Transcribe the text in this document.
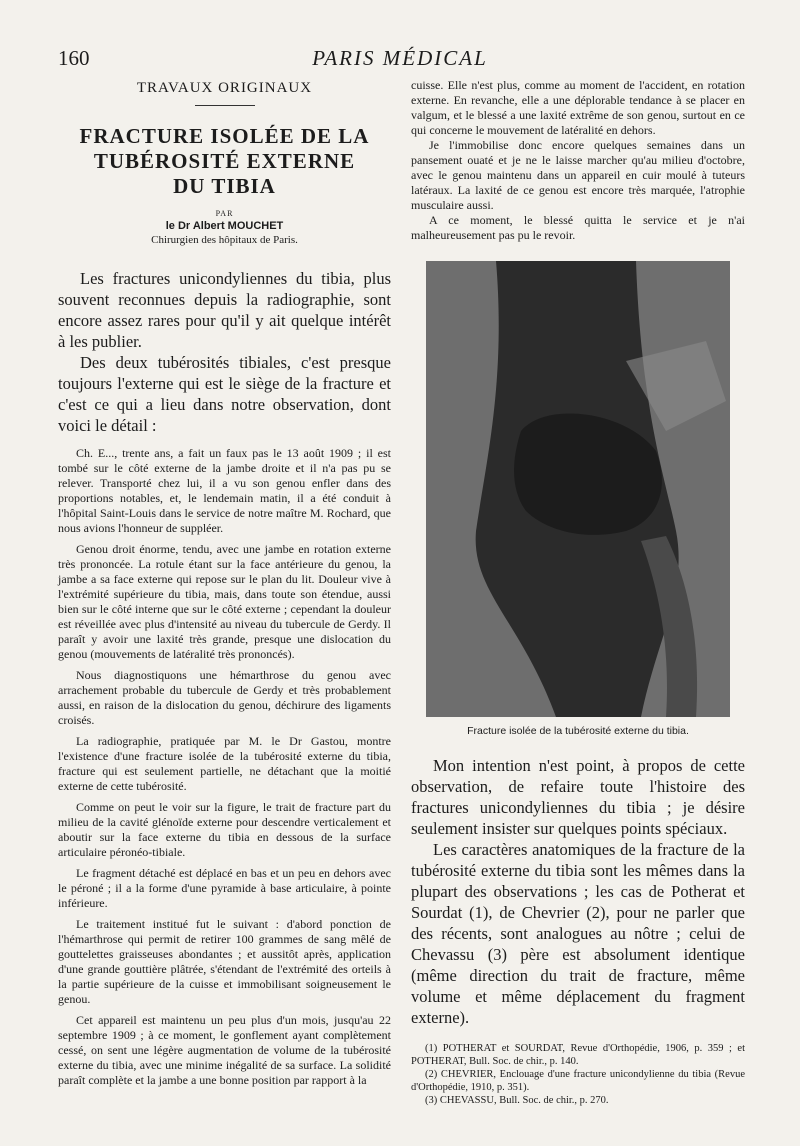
160	PARIS MÉDICAL
TRAVAUX ORIGINAUX
FRACTURE ISOLÉE DE LA
TUBÉROSITÉ EXTERNE
DU TIBIA
PAR
le Dr Albert MOUCHET
Chirurgien des hôpitaux de Paris.

Les fractures unicondyliennes du tibia, plus souvent reconnues depuis la radiographie, sont encore assez rares pour qu'il y ait quelque intérêt à les publier.

Des deux tubérosités tibiales, c'est presque toujours l'externe qui est le siège de la fracture et c'est ce qui a lieu dans notre observation, dont voici le détail :

Ch. E..., trente ans, a fait un faux pas le 13 août 1909 ; il est tombé sur le côté externe de la jambe droite et il n'a pas pu se relever. Transporté chez lui, il a vu son genou enfler dans des proportions notables, et, le lendemain matin, il a été conduit à l'hôpital Saint-Louis dans le service de notre maître M. Rochard, que nous avions l'honneur de suppléer.

Genou droit énorme, tendu, avec une jambe en rotation externe très prononcée. La rotule étant sur la face antérieure du genou, la jambe a sa face externe qui repose sur le plan du lit. Douleur vive à l'extrémité supérieure du tibia, mais, dans toute son étendue, aussi bien sur le côté interne que sur le côté externe ; cependant la douleur est réveillée avec plus d'intensité au niveau du tubercule de Gerdy. Il paraît y avoir une laxité très grande, presque une dislocation du genou (mouvements de latéralité très prononcés).

Nous diagnostiquons une hémarthrose du genou avec arrachement probable du tubercule de Gerdy et très probablement aussi, en raison de la dislocation du genou, déchirure des ligaments croisés.

La radiographie, pratiquée par M. le Dr Gastou, montre l'existence d'une fracture isolée de la tubérosité externe du tibia, fracture qui est seulement partielle, ne détachant que la moitié externe de cette tubérosité.

Comme on peut le voir sur la figure, le trait de fracture part du milieu de la cavité glénoïde externe pour descendre verticalement et aboutir sur la face externe du tibia en dessous de la surface articulaire péronéo-tibiale.

Le fragment détaché est déplacé en bas et un peu en dehors avec le péroné ; il a la forme d'une pyramide à base articulaire, à pointe inférieure.

Le traitement institué fut le suivant : d'abord ponction de l'hémarthrose qui permit de retirer 100 grammes de sang mêlé de gouttelettes graisseuses abondantes ; et aussitôt après, application d'une grande gouttière plâtrée, s'étendant de l'extrémité des orteils à la partie supérieure de la cuisse et immobilisant soigneusement le genou.

Cet appareil est maintenu un peu plus d'un mois, jusqu'au 22 septembre 1909 ; à ce moment, le gonflement ayant complètement cessé, on sent une légère augmentation de volume de la tubérosité externe du tibia, avec une minime inégalité de sa surface. La solidité paraît complète et la jambe a une bonne position par rapport à la

cuisse. Elle n'est plus, comme au moment de l'accident, en rotation externe. En revanche, elle a une déplorable tendance à se placer en valgum, et le blessé a une laxité extrême de son genou, surtout en ce qui concerne le mouvement de latéralité en dehors.

Je l'immobilise donc encore quelques semaines dans un pansement ouaté et je ne le laisse marcher qu'au milieu d'octobre, avec le genou maintenu dans un appareil en cuir moulé à tuteurs latéraux. La laxité de ce genou est encore très marquée, l'atrophie musculaire aussi.

A ce moment, le blessé quitta le service et je n'ai malheureusement pas pu le revoir.

Fracture isolée de la tubérosité externe du tibia.

Mon intention n'est point, à propos de cette observation, de refaire toute l'histoire des fractures unicondyliennes du tibia ; je désire seulement insister sur quelques points spéciaux.

Les caractères anatomiques de la fracture de la tubérosité externe du tibia sont les mêmes dans la plupart des observations ; les cas de Potherat et Sourdat (1), de Chevrier (2), pour ne parler que des récents, sont analogues au nôtre ; celui de Chevassu (3) père est absolument identique (même direction du trait de fracture, même volume et même déplacement du fragment externe).

(1) POTHERAT et SOURDAT, Revue d'Orthopédie, 1906, p. 359 ; et POTHERAT, Bull. Soc. de chir., p. 140.

(2) CHEVRIER, Enclouage d'une fracture unicondylienne du tibia (Revue d'Orthopédie, 1910, p. 351).

(3) CHEVASSU, Bull. Soc. de chir., p. 270.
